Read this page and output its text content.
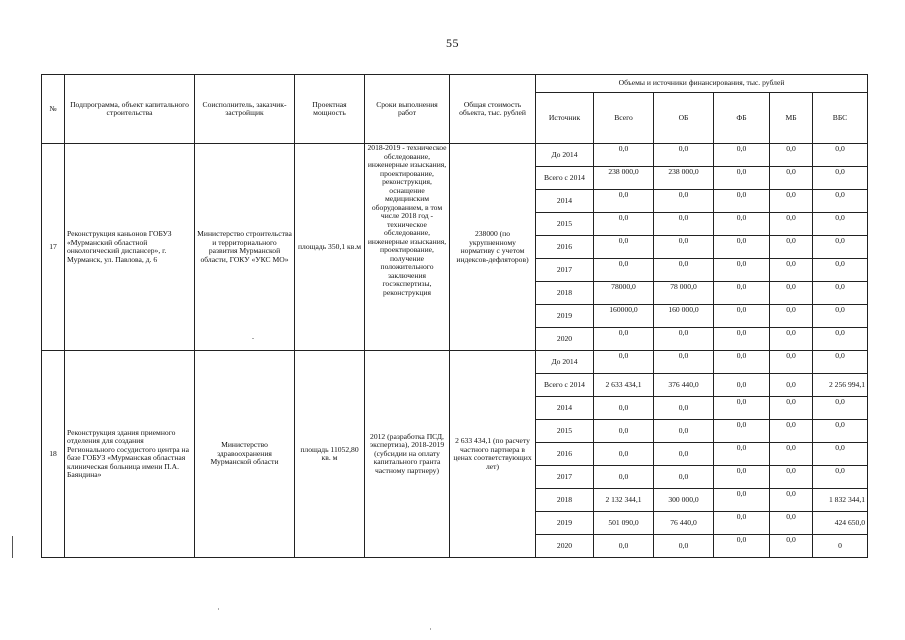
55
№	Подпрограмма, объект капитального строительства	Соисполнитель, заказчик-застройщик	Проектная мощность	Сроки выполнения работ	Общая стоимость объекта, тыс. рублей	Объемы и источники финансирования, тыс. рублей					
						Источник	Всего	ОБ	ФБ	МБ	ВБС
17	Реконструкция каньонов ГОБУЗ «Мурманский областной онкологический диспансер», г. Мурманск, ул. Павлова, д. 6	Министерство строительства и территориального развития Мурманской области, ГОКУ «УКС МО»	площадь 350,1 кв.м	2018-2019 - техническое обследование, инженерные изыскания, проектирование, реконструкция, оснащение медицинским оборудованием, в том числе 2018 год - техническое обследование, инженерные изыскания, проектирование, получение положительного заключения госэкспертизы, реконструкция	238000 (по укрупненному нормативу с учетом индексов-дефляторов)	До 2014	0,0	0,0	0,0	0,0	0,0
						Всего с 2014	238 000,0	238 000,0	0,0	0,0	0,0
						2014	0,0	0,0	0,0	0,0	0,0
						2015	0,0	0,0	0,0	0,0	0,0
						2016	0,0	0,0	0,0	0,0	0,0
						2017	0,0	0,0	0,0	0,0	0,0
						2018	78000,0	78 000,0	0,0	0,0	0,0
						2019	160000,0	160 000,0	0,0	0,0	0,0
						2020	0,0	0,0	0,0	0,0	0,0
18	Реконструкция здания приемного отделения для создания Регионального сосудистого центра на базе ГОБУЗ «Мурманская областная клиническая больница имени П.А. Баяндина»	Министерство здравоохранения Мурманской области	площадь 11052,80 кв. м	2012 (разработка ПСД, экспертиза), 2018-2019 (субсидии на оплату капитального гранта частному партнеру)	2 633 434,1 (по расчету частного партнера в ценах соответствующих лет)	До 2014	0,0	0,0	0,0	0,0	0,0
						Всего с 2014	2 633 434,1	376 440,0	0,0	0,0	2 256 994,1
						2014	0,0	0,0	0,0	0,0	0,0
						2015	0,0	0,0	0,0	0,0	0,0
						2016	0,0	0,0	0,0	0,0	0,0
						2017	0,0	0,0	0,0	0,0	0,0
						2018	2 132 344,1	300 000,0	0,0	0,0	1 832 344,1
						2019	501 090,0	76 440,0	0,0	0,0	424 650,0
						2020	0,0	0,0	0,0	0,0	0
